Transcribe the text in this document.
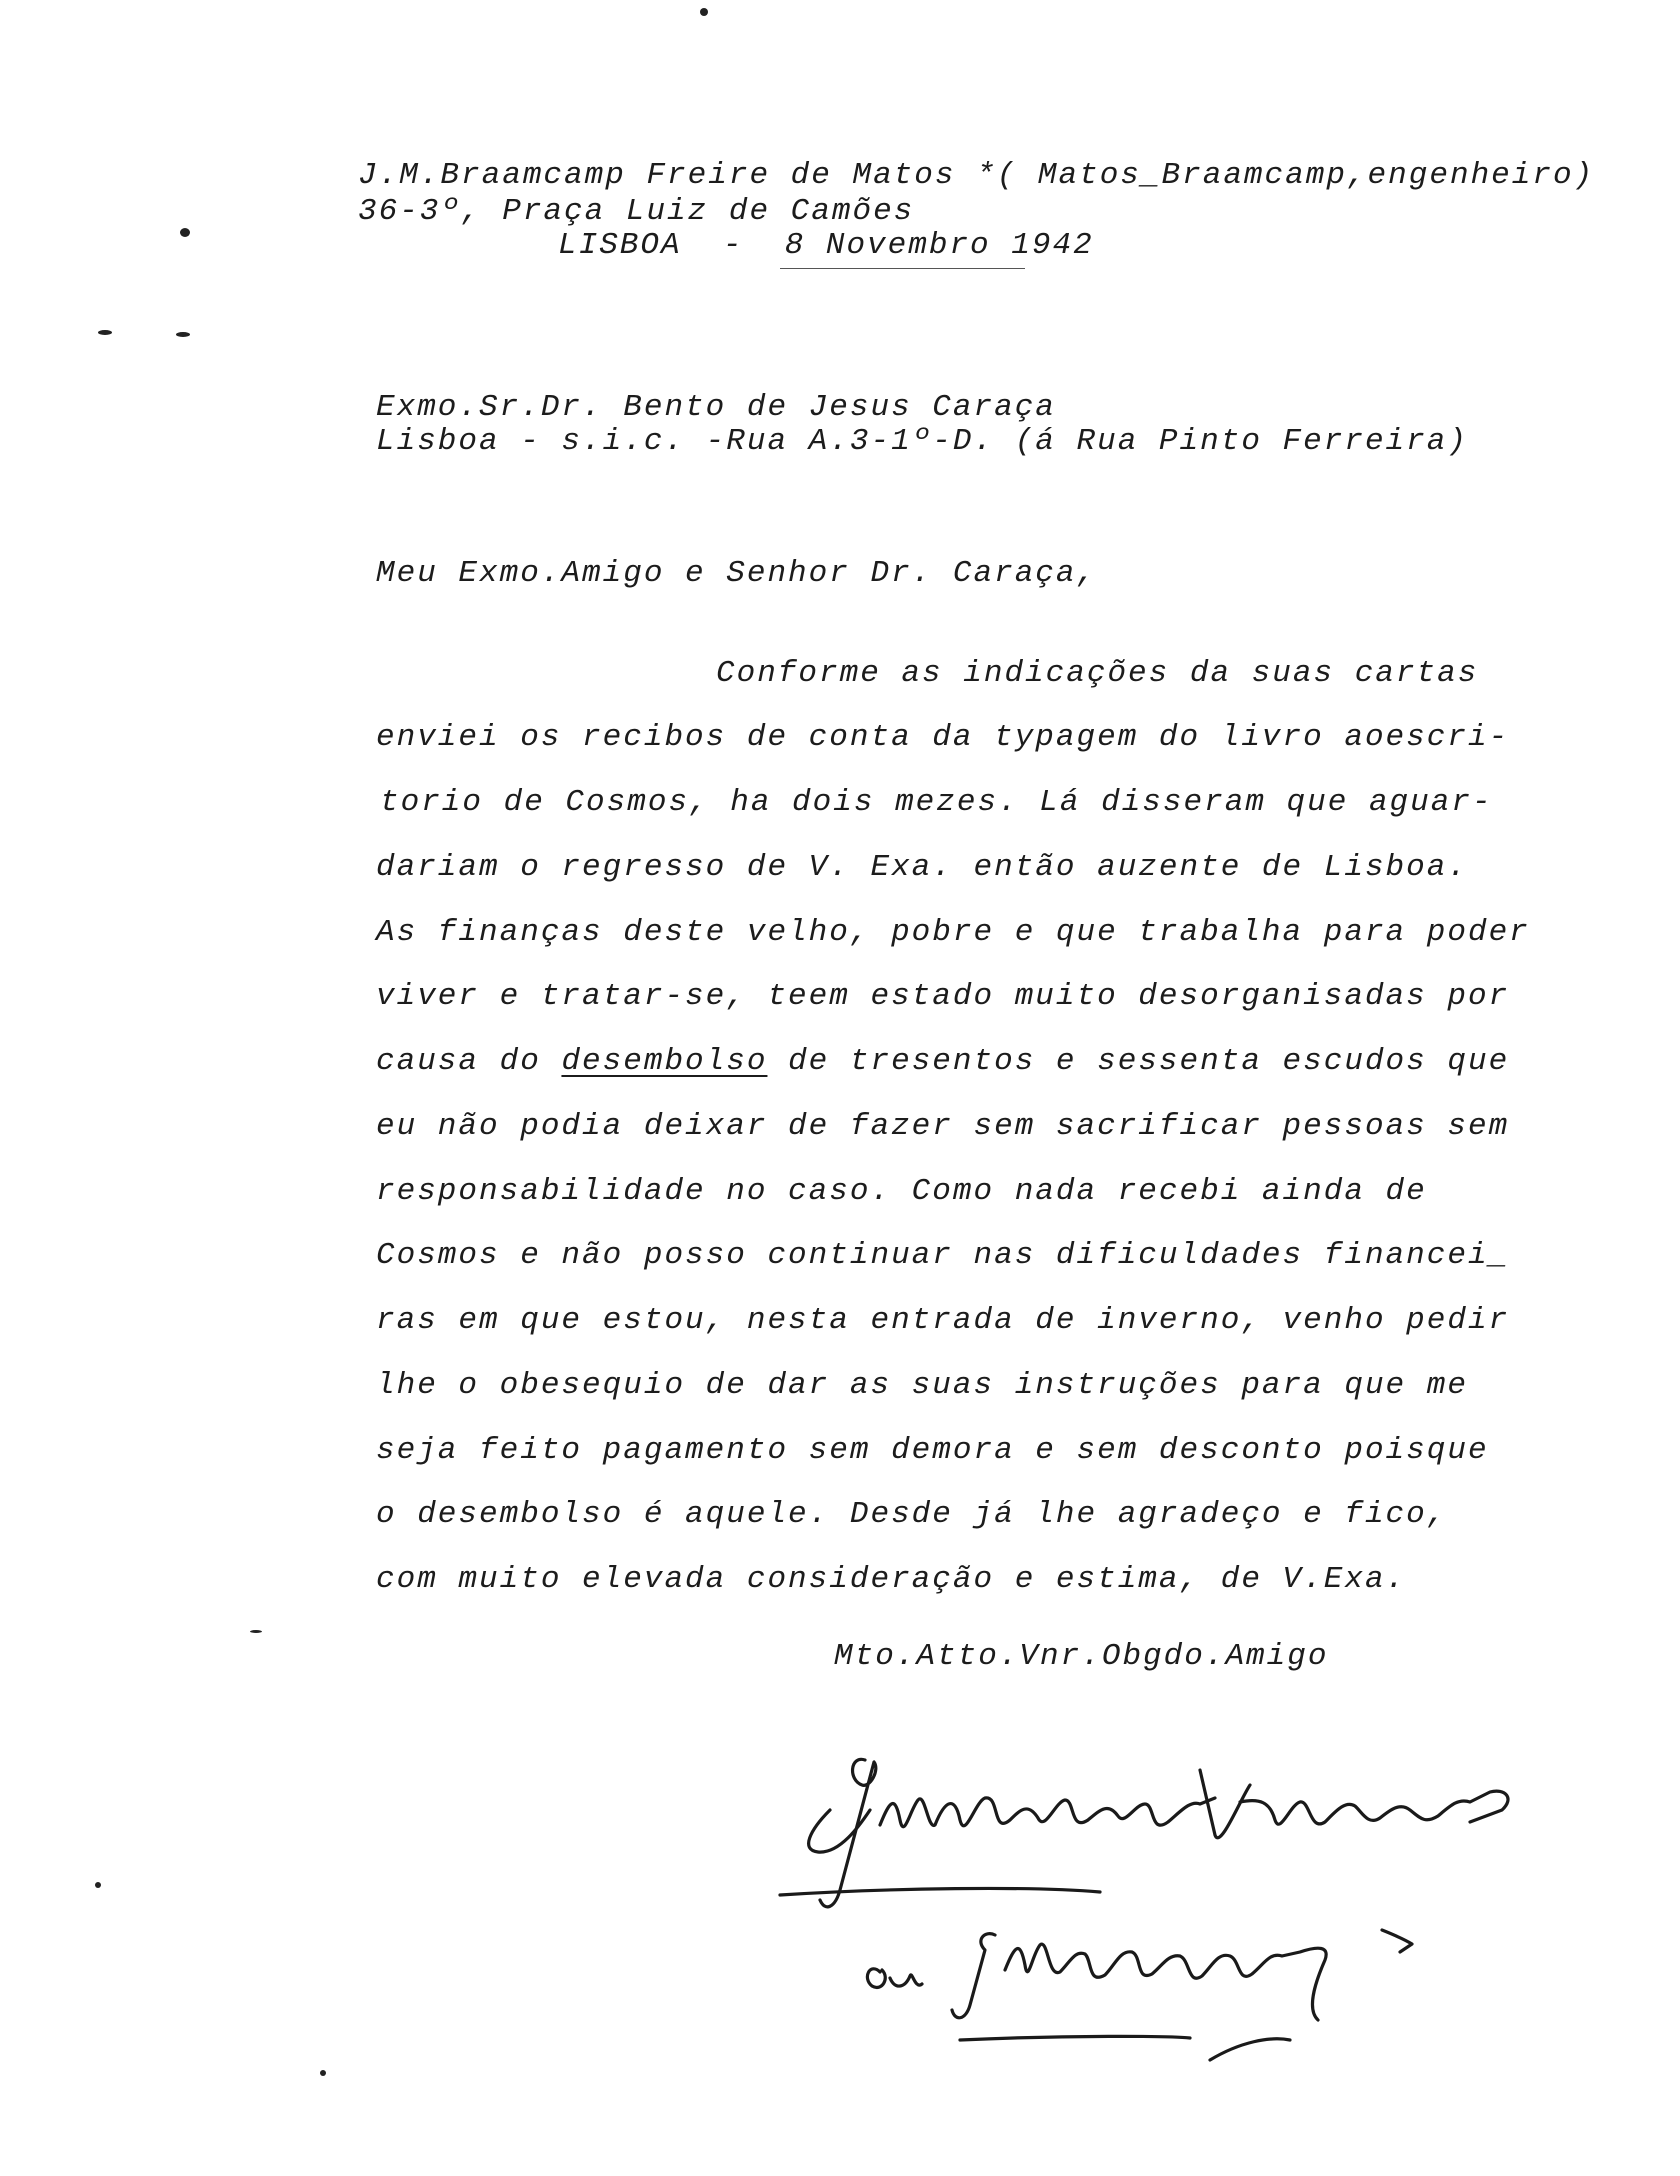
J.M.Braamcamp Freire de Matos *( Matos_Braamcamp,engenheiro)
36-3º, Praça Luiz de Camões
LISBOA  -  8 Novembro 1942
Exmo.Sr.Dr. Bento de Jesus Caraça
Lisboa - s.i.c. -Rua A.3-1º-D. (á Rua Pinto Ferreira)
Meu Exmo.Amigo e Senhor Dr. Caraça,
Conforme as indicações da suas cartas
enviei os recibos de conta da typagem do livro aoescri-
torio de Cosmos, ha dois mezes. Lá disseram que aguar-
dariam o regresso de V. Exa. então auzente de Lisboa.
As finanças deste velho, pobre e que trabalha para poder
viver e tratar-se, teem estado muito desorganisadas por
causa do desembolso de tresentos e sessenta escudos que
eu não podia deixar de fazer sem sacrificar pessoas sem
responsabilidade no caso. Como nada recebi ainda de
Cosmos e não posso continuar nas dificuldades financei_
ras em que estou, nesta entrada de inverno, venho pedir
lhe o obesequio de dar as suas instruções para que me
seja feito pagamento sem demora e sem desconto poisque
o desembolso é aquele. Desde já lhe agradeço e fico,
com muito elevada consideração e estima, de V.Exa.
Mto.Atto.Vnr.Obgdo.Amigo
